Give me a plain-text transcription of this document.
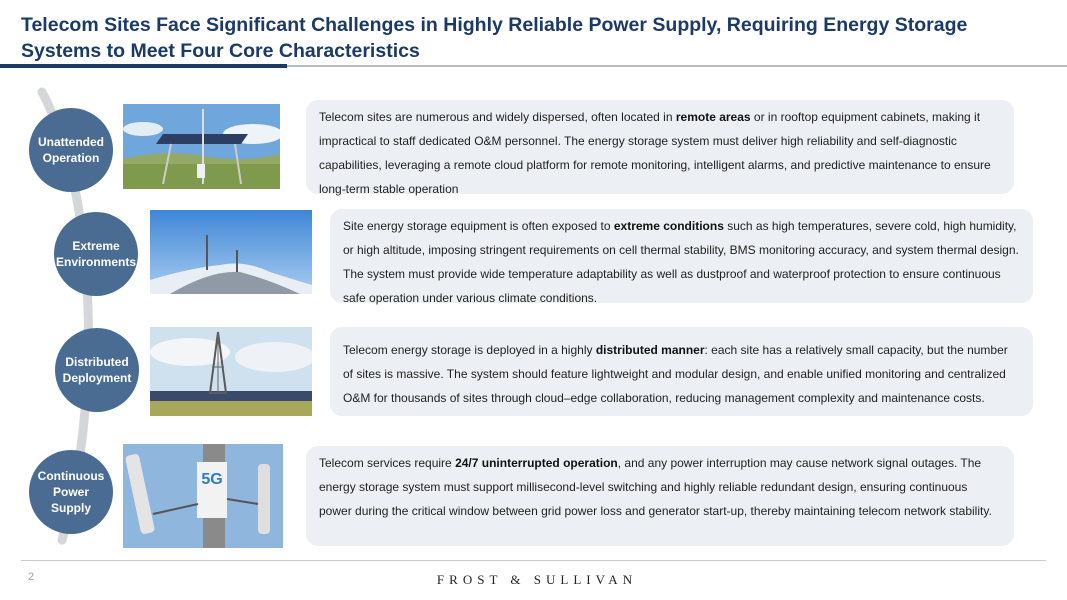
Telecom Sites Face Significant Challenges in Highly Reliable Power Supply, Requiring Energy Storage Systems to Meet Four Core Characteristics
Unattended
Operation
Telecom sites are numerous and widely dispersed, often located in remote areas or in rooftop equipment cabinets, making it impractical to staff dedicated O&M personnel. The energy storage system must deliver high reliability and self-diagnostic capabilities, leveraging a remote cloud platform for remote monitoring, intelligent alarms, and predictive maintenance to ensure long-term stable operation
Extreme
Environments
Site energy storage equipment is often exposed to extreme conditions such as high temperatures, severe cold, high humidity, or high altitude, imposing stringent requirements on cell thermal stability, BMS monitoring accuracy, and system thermal design. The system must provide wide temperature adaptability as well as dustproof and waterproof protection to ensure continuous safe operation under various climate conditions.
Distributed
Deployment
Telecom energy storage is deployed in a highly distributed manner: each site has a relatively small capacity, but the number of sites is massive. The system should feature lightweight and modular design, and enable unified monitoring and centralized O&M for thousands of sites through cloud–edge collaboration, reducing management complexity and maintenance costs.
Continuous
Power Supply
5G
Telecom services require 24/7 uninterrupted operation, and any power interruption may cause network signal outages. The energy storage system must support millisecond-level switching and highly reliable redundant design, ensuring continuous power during the critical window between grid power loss and generator start-up, thereby maintaining telecom network stability.
2	FROST & SULLIVAN
